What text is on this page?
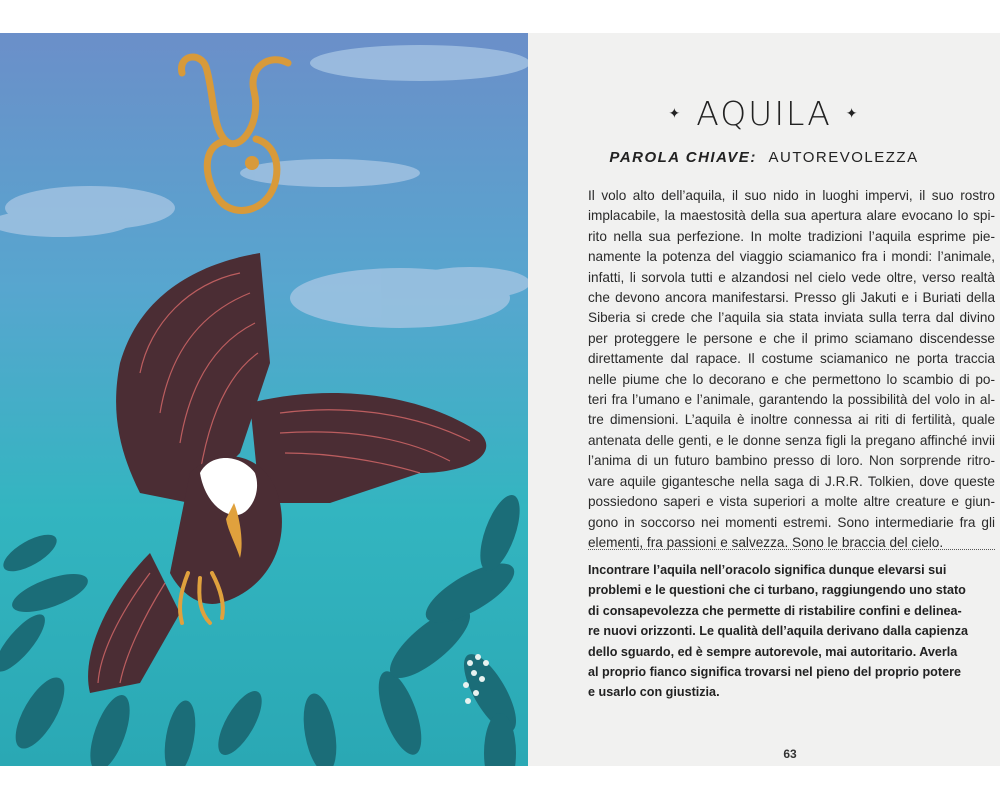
✦ AQUILA ✦
PAROLA CHIAVE: AUTOREVOLEZZA
Il volo alto dell’aquila, il suo nido in luoghi impervi, il suo rostro
implacabile, la maestosità della sua apertura alare evocano lo spi-
rito nella sua perfezione. In molte tradizioni l’aquila esprime pie-
namente la potenza del viaggio sciamanico fra i mondi: l’animale,
infatti, li sorvola tutti e alzandosi nel cielo vede oltre, verso realtà
che devono ancora manifestarsi. Presso gli Jakuti e i Buriati della
Siberia si crede che l’aquila sia stata inviata sulla terra dal divino
per proteggere le persone e che il primo sciamano discendesse
direttamente dal rapace. Il costume sciamanico ne porta traccia
nelle piume che lo decorano e che permettono lo scambio di po-
teri fra l’umano e l’animale, garantendo la possibilità del volo in al-
tre dimensioni. L’aquila è inoltre connessa ai riti di fertilità, quale
antenata delle genti, e le donne senza figli la pregano affinché invii
l’anima di un futuro bambino presso di loro. Non sorprende ritro-
vare aquile gigantesche nella saga di J.R.R. Tolkien, dove queste
possiedono saperi e vista superiori a molte altre creature e giun-
gono in soccorso nei momenti estremi. Sono intermediarie fra gli
elementi, fra passioni e salvezza. Sono le braccia del cielo.
Incontrare l’aquila nell’oracolo significa dunque elevarsi sui
problemi e le questioni che ci turbano, raggiungendo uno stato
di consapevolezza che permette di ristabilire confini e delinea-
re nuovi orizzonti. Le qualità dell’aquila derivano dalla capienza
dello sguardo, ed è sempre autorevole, mai autoritario. Averla
al proprio fianco significa trovarsi nel pieno del proprio potere
e usarlo con giustizia.
63
